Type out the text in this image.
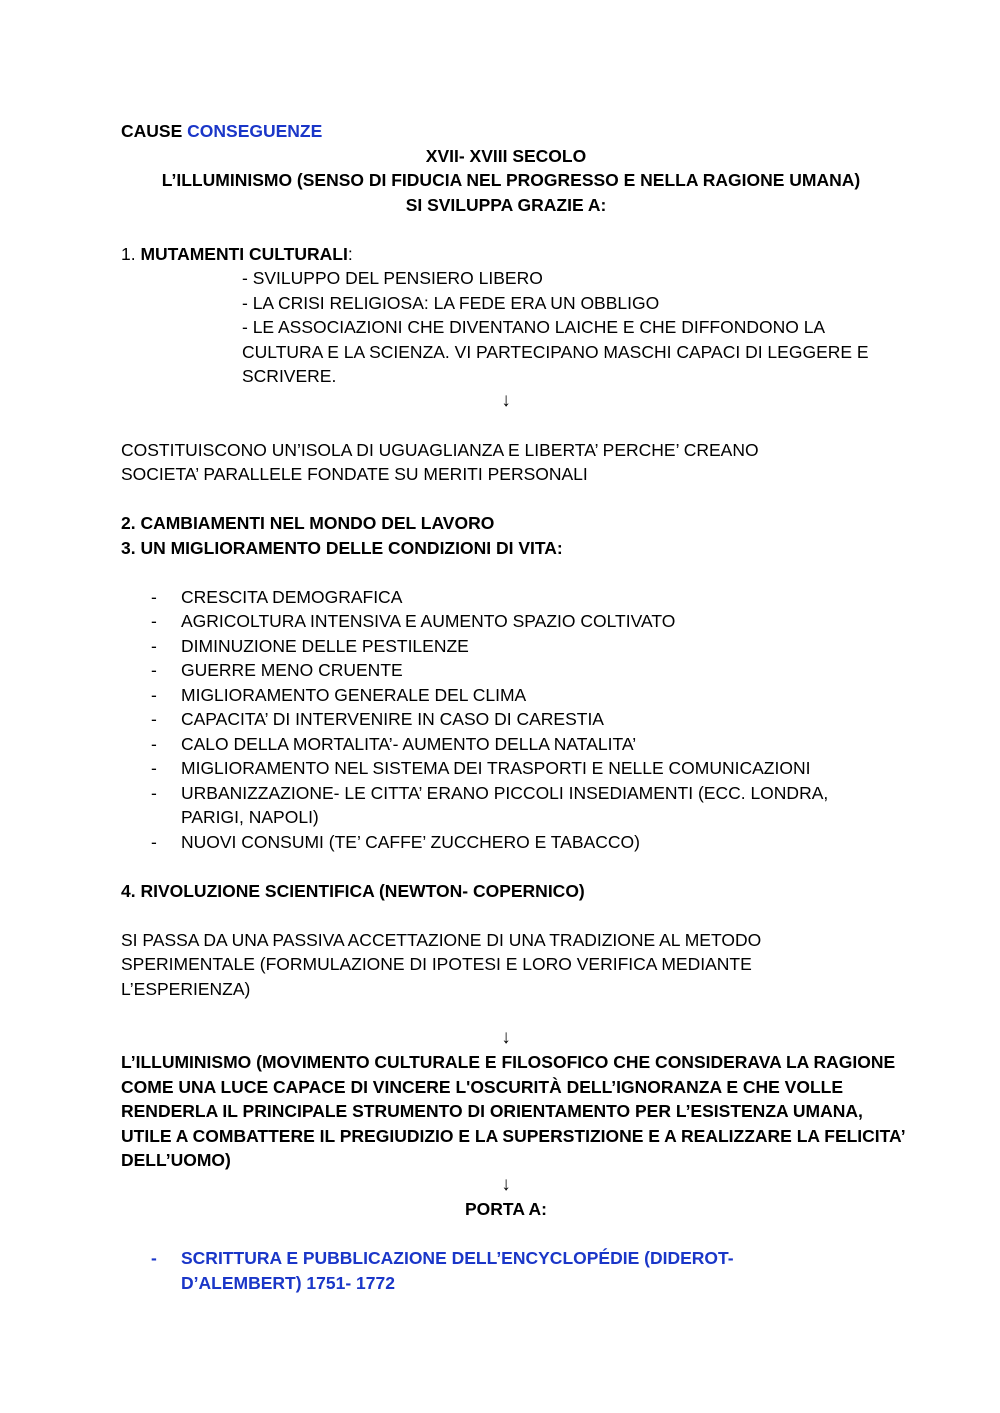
CAUSE CONSEGUENZE
XVII- XVIII SECOLO
L’ILLUMINISMO (SENSO DI FIDUCIA NEL PROGRESSO E NELLA RAGIONE UMANA)
SI SVILUPPA GRAZIE A:
1. MUTAMENTI CULTURALI:
- SVILUPPO DEL PENSIERO LIBERO
- LA CRISI RELIGIOSA: LA FEDE ERA UN OBBLIGO
- LE ASSOCIAZIONI CHE DIVENTANO LAICHE E CHE DIFFONDONO LA CULTURA E LA SCIENZA. VI PARTECIPANO MASCHI CAPACI DI LEGGERE E SCRIVERE.
↓
COSTITUISCONO UN’ISOLA DI UGUAGLIANZA E LIBERTA’ PERCHE’ CREANO SOCIETA’ PARALLELE FONDATE SU MERITI PERSONALI
2. CAMBIAMENTI NEL MONDO DEL LAVORO
3. UN MIGLIORAMENTO DELLE CONDIZIONI DI VITA:
- CRESCITA DEMOGRAFICA
- AGRICOLTURA INTENSIVA E AUMENTO SPAZIO COLTIVATO
- DIMINUZIONE DELLE PESTILENZE
- GUERRE MENO CRUENTE
- MIGLIORAMENTO GENERALE DEL CLIMA
- CAPACITA’ DI INTERVENIRE IN CASO DI CARESTIA
- CALO DELLA MORTALITA’- AUMENTO DELLA NATALITA’
- MIGLIORAMENTO NEL SISTEMA DEI TRASPORTI E NELLE COMUNICAZIONI
- URBANIZZAZIONE- LE CITTA’ ERANO PICCOLI INSEDIAMENTI (ECC. LONDRA, PARIGI, NAPOLI)
- NUOVI CONSUMI (TE’ CAFFE’ ZUCCHERO E TABACCO)
4. RIVOLUZIONE SCIENTIFICA (NEWTON- COPERNICO)
SI PASSA DA UNA PASSIVA ACCETTAZIONE DI UNA TRADIZIONE AL METODO SPERIMENTALE (FORMULAZIONE DI IPOTESI E LORO VERIFICA MEDIANTE L’ESPERIENZA)
↓
L’ILLUMINISMO (MOVIMENTO CULTURALE E FILOSOFICO CHE CONSIDERAVA LA RAGIONE COME UNA LUCE CAPACE DI VINCERE L'OSCURITÀ DELL’IGNORANZA E CHE VOLLE RENDERLA IL PRINCIPALE STRUMENTO DI ORIENTAMENTO PER L’ESISTENZA UMANA, UTILE A COMBATTERE IL PREGIUDIZIO E LA SUPERSTIZIONE E A REALIZZARE LA FELICITA’ DELL’UOMO)
↓
PORTA A:
- SCRITTURA E PUBBLICAZIONE DELL’ENCYCLOPÉDIE (DIDEROT- D’ALEMBERT) 1751- 1772
